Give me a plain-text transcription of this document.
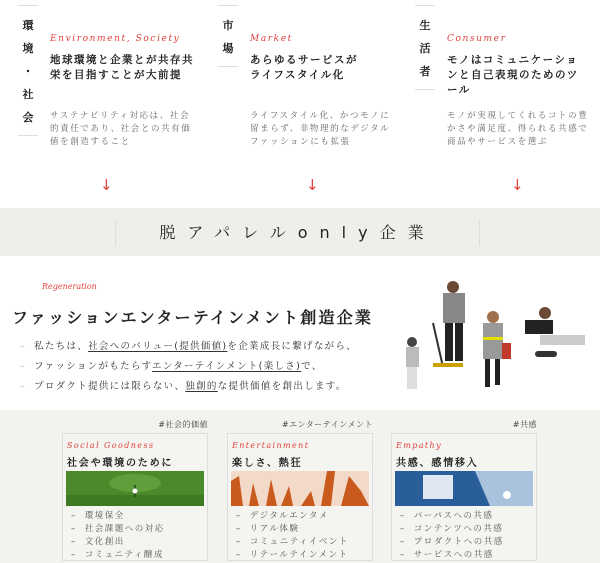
環
境
・
社
会
Environment, Society
地球環境と企業とが共存共栄を目指すことが大前提
サステナビリティ対応は、社会的責任であり、社会との共有価値を創造すること
↓
市
場
Market
あらゆるサービスがライフスタイル化
ライフスタイル化、かつモノに留まらず、非物理的なデジタルファッションにも拡張
↓
生
活
者
Consumer
モノはコミュニケーションと自己表現のためのツール
モノが実現してくれるコトの豊かさや満足度、得られる共感で商品やサービスを選ぶ
↓
脱アパレルonly企業
Regeneration
ファッションエンターテインメント創造企業
– 私たちは、社会へのバリュー(提供価値)を企業成長に繋げながら、
– ファッションがもたらすエンターテインメント(楽しさ)で、
– プロダクト提供には限らない、独創的な提供価値を創出します。
#社会的価値	#エンターテインメント	#共感
Social Goodness
社会や環境のために
– 環境保全
– 社会課題への対応
– 文化創出
– コミュニティ醸成
Entertainment
楽しさ、熱狂
– デジタルエンタメ
– リアル体験
– コミュニティイベント
– リテールテインメント
Empathy
共感、感情移入
– パーパスへの共感
– コンテンツへの共感
– プロダクトへの共感
– サービスへの共感
